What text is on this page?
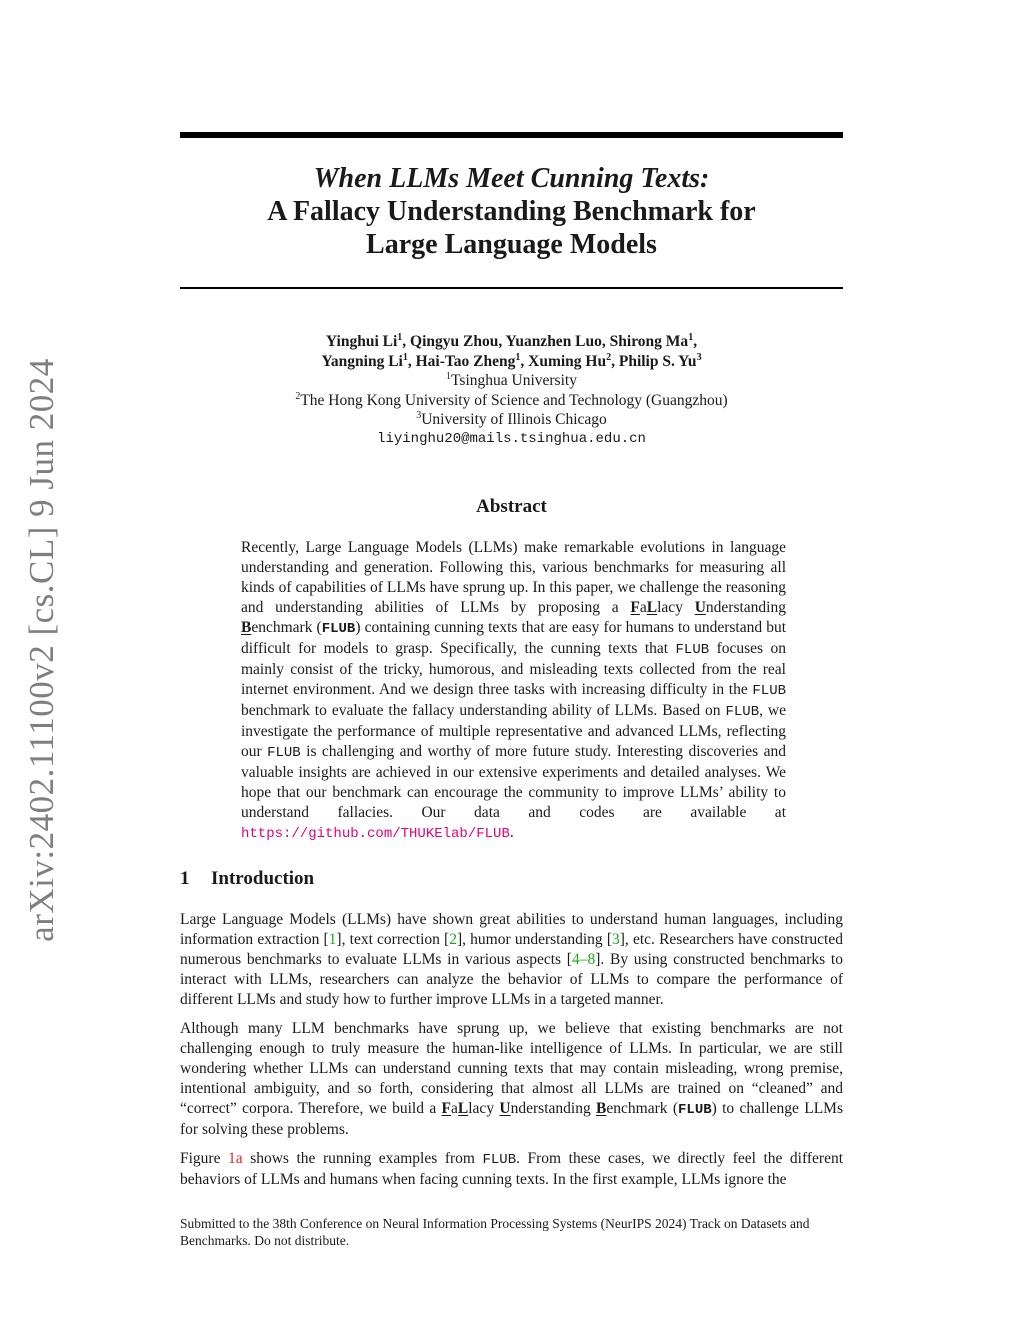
arXiv:2402.11100v2 [cs.CL] 9 Jun 2024
When LLMs Meet Cunning Texts:
A Fallacy Understanding Benchmark for
Large Language Models
Yinghui Li$^1$, Qingyu Zhou, Yuanzhen Luo, Shirong Ma$^1$,
Yangning Li$^1$, Hai-Tao Zheng$^1$, Xuming Hu$^2$, Philip S. Yu$^3$
$^1$Tsinghua University
$^2$The Hong Kong University of Science and Technology (Guangzhou)
$^3$University of Illinois Chicago
liyinghu20@mails.tsinghua.edu.cn
Abstract
Recently, Large Language Models (LLMs) make remarkable evolutions in language understanding and generation. Following this, various benchmarks for measuring all kinds of capabilities of LLMs have sprung up. In this paper, we challenge the reasoning and understanding abilities of LLMs by proposing a FaLlacy Understanding Benchmark (FLUB) containing cunning texts that are easy for humans to understand but difficult for models to grasp. Specifically, the cunning texts that FLUB focuses on mainly consist of the tricky, humorous, and misleading texts collected from the real internet environment. And we design three tasks with increasing difficulty in the FLUB benchmark to evaluate the fallacy understanding ability of LLMs. Based on FLUB, we investigate the performance of multiple representative and advanced LLMs, reflecting our FLUB is challenging and worthy of more future study. Interesting discoveries and valuable insights are achieved in our extensive experiments and detailed analyses. We hope that our benchmark can encourage the community to improve LLMs’ ability to understand fallacies. Our data and codes are available at https://github.com/THUKElab/FLUB.
1 Introduction

Large Language Models (LLMs) have shown great abilities to understand human languages, including information extraction [1], text correction [2], humor understanding [3], etc. Researchers have constructed numerous benchmarks to evaluate LLMs in various aspects [4–8]. By using constructed benchmarks to interact with LLMs, researchers can analyze the behavior of LLMs to compare the performance of different LLMs and study how to further improve LLMs in a targeted manner.

Although many LLM benchmarks have sprung up, we believe that existing benchmarks are not challenging enough to truly measure the human-like intelligence of LLMs. In particular, we are still wondering whether LLMs can understand cunning texts that may contain misleading, wrong premise, intentional ambiguity, and so forth, considering that almost all LLMs are trained on “cleaned” and “correct” corpora. Therefore, we build a FaLlacy Understanding Benchmark (FLUB) to challenge LLMs for solving these problems.

Figure 1a shows the running examples from FLUB. From these cases, we directly feel the different behaviors of LLMs and humans when facing cunning texts. In the first example, LLMs ignore the

Submitted to the 38th Conference on Neural Information Processing Systems (NeurIPS 2024) Track on Datasets and Benchmarks. Do not distribute.
